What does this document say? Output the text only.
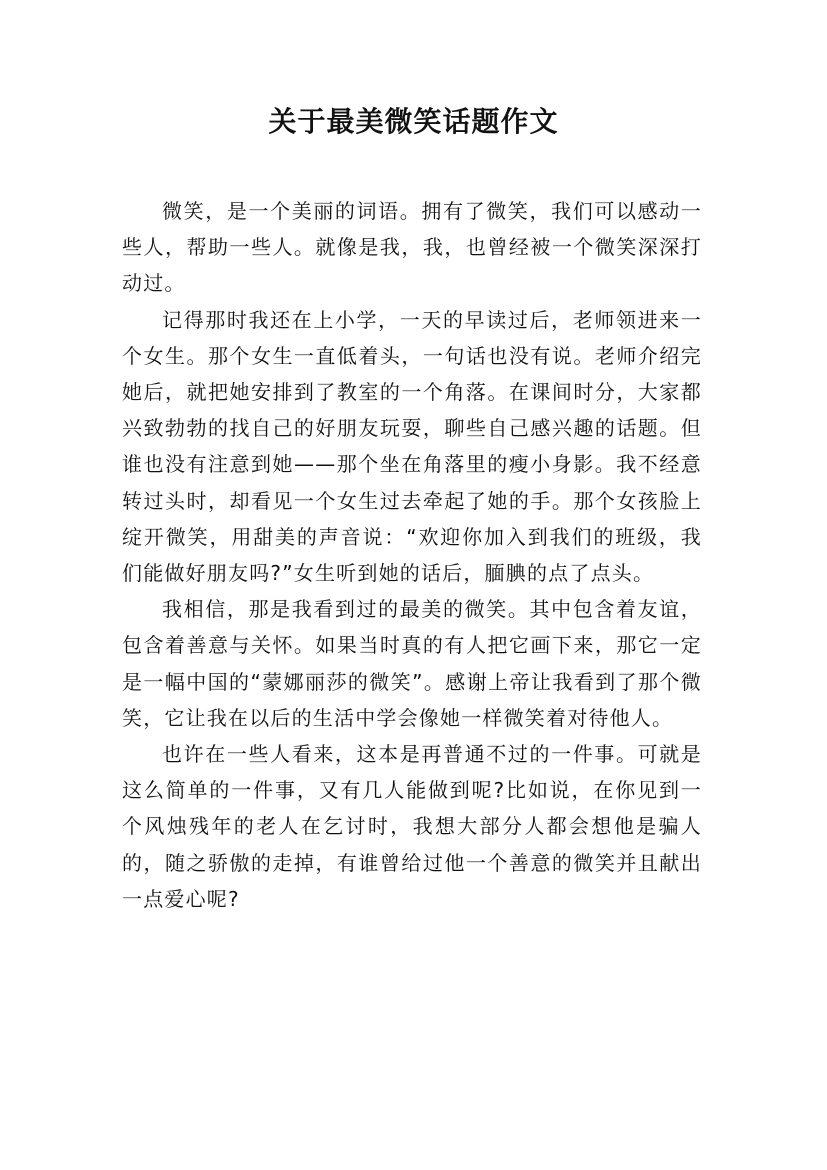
关于最美微笑话题作文

微笑，是一个美丽的词语。拥有了微笑，我们可以感动一些人，帮助一些人。就像是我，我，也曾经被一个微笑深深打动过。

记得那时我还在上小学，一天的早读过后，老师领进来一个女生。那个女生一直低着头，一句话也没有说。老师介绍完她后，就把她安排到了教室的一个角落。在课间时分，大家都兴致勃勃的找自己的好朋友玩耍，聊些自己感兴趣的话题。但谁也没有注意到她——那个坐在角落里的瘦小身影。我不经意转过头时，却看见一个女生过去牵起了她的手。那个女孩脸上绽开微笑，用甜美的声音说：“欢迎你加入到我们的班级，我们能做好朋友吗?”女生听到她的话后，腼腆的点了点头。

我相信，那是我看到过的最美的微笑。其中包含着友谊，包含着善意与关怀。如果当时真的有人把它画下来，那它一定是一幅中国的“蒙娜丽莎的微笑”。感谢上帝让我看到了那个微笑，它让我在以后的生活中学会像她一样微笑着对待他人。

也许在一些人看来，这本是再普通不过的一件事。可就是这么简单的一件事，又有几人能做到呢?比如说，在你见到一个风烛残年的老人在乞讨时，我想大部分人都会想他是骗人的，随之骄傲的走掉，有谁曾给过他一个善意的微笑并且献出一点爱心呢?
